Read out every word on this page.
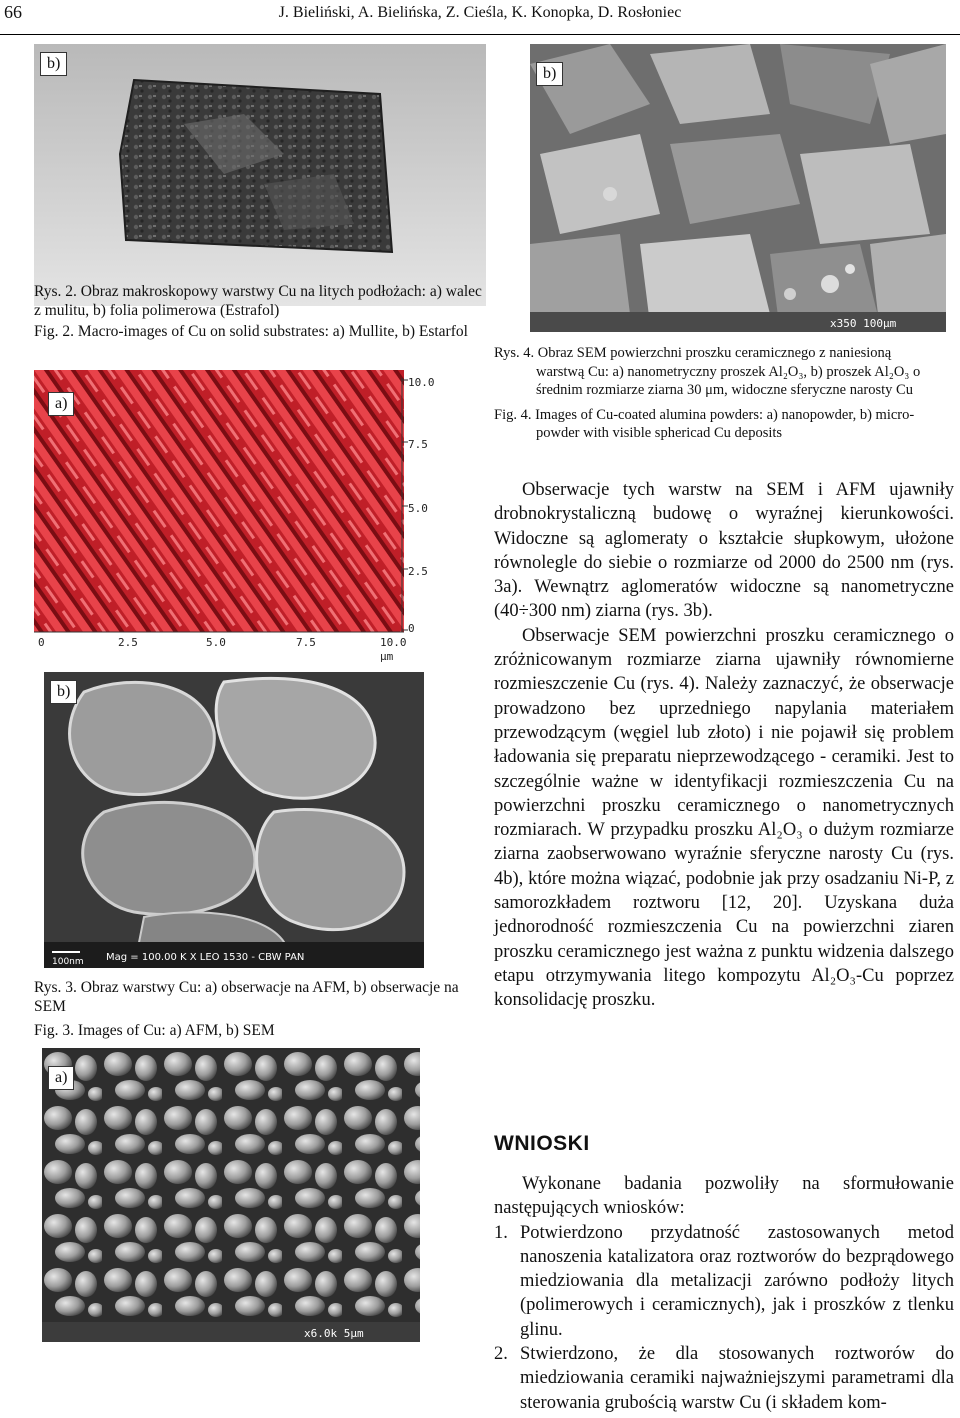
66	J. Bieliński, A. Bielińska, Z. Cieśla, K. Konopka, D. Rosłoniec
b)
Rys. 2. Obraz makroskopowy warstwy Cu na litych podłożach: a) walec z mulitu, b) folia polimerowa (Estrafol)
Fig. 2. Macro-images of Cu on solid substrates: a) Mullite, b) Estarfol	x350 100μm
b)
Rys. 4. Obraz SEM powierzchni proszku ceramicznego z naniesioną
warstwą Cu: a) nanometryczny proszek Al₂O₃, b) proszek Al₂O₃ o
średnim rozmiarze ziarna 30 μm, widoczne sferyczne narosty Cu
Fig. 4. Images of Cu-coated alumina powders: a) nanopowder, b) micro-
powder with visible sphericad Cu deposits
10.0
7.5
5.0
2.5
0
0	2.5	5.0	7.5	10.0
μm
a)
100nm Mag = 100.00 K X LEO 1530 - CBW PAN
b)
Rys. 3. Obraz warstwy Cu: a) obserwacje na AFM, b) obserwacje na SEM
Fig. 3. Images of Cu: a) AFM, b) SEM
x6.0k 5μm
a)

Obserwacje tych warstw na SEM i AFM ujawniły drobnokrystaliczną budowę o wyraźnej kierunkowości. Widoczne są aglomeraty o kształcie słupkowym, ułożone równolegle do siebie o rozmiarze od 2000 do 2500 nm (rys. 3a). Wewnątrz aglomeratów widoczne są nanometryczne (40÷300 nm) ziarna (rys. 3b).

Obserwacje SEM powierzchni proszku ceramicznego o zróżnicowanym rozmiarze ziarna ujawniły równomierne rozmieszczenie Cu (rys. 4). Należy zaznaczyć, że obserwacje prowadzono bez uprzedniego napylania materiałem przewodzącym (węgiel lub złoto) i nie pojawił się problem ładowania się preparatu nieprzewodzącego - ceramiki. Jest to szczególnie ważne w identyfikacji rozmieszczenia Cu na powierzchni proszku ceramicznego o nanometrycznych rozmiarach. W przypadku proszku Al₂O₃ o dużym rozmiarze ziarna zaobserwowano wyraźnie sferyczne narosty Cu (rys. 4b), które można wiązać, podobnie jak przy osadzaniu Ni-P, z samorozkładem roztworu [12, 20]. Uzyskana duża jednorodność rozmieszczenia Cu na powierzchni ziaren proszku ceramicznego jest ważna z punktu widzenia dalszego etapu otrzymywania litego kompozytu Al₂O₃-Cu poprzez konsolidację proszku.

WNIOSKI

Wykonane badania pozwoliły na sformułowanie następujących wniosków:

1. Potwierdzono przydatność zastosowanych metod nanoszenia katalizatora oraz roztworów do bezprądowego miedziowania dla metalizacji zarówno podłoży litych (polimerowych i ceramicznych), jak i proszków z tlenku glinu.
2. Stwierdzono, że dla stosowanych roztworów do miedziowania ceramiki najważniejszymi parametrami dla sterowania grubością warstw Cu (i składem kom-
